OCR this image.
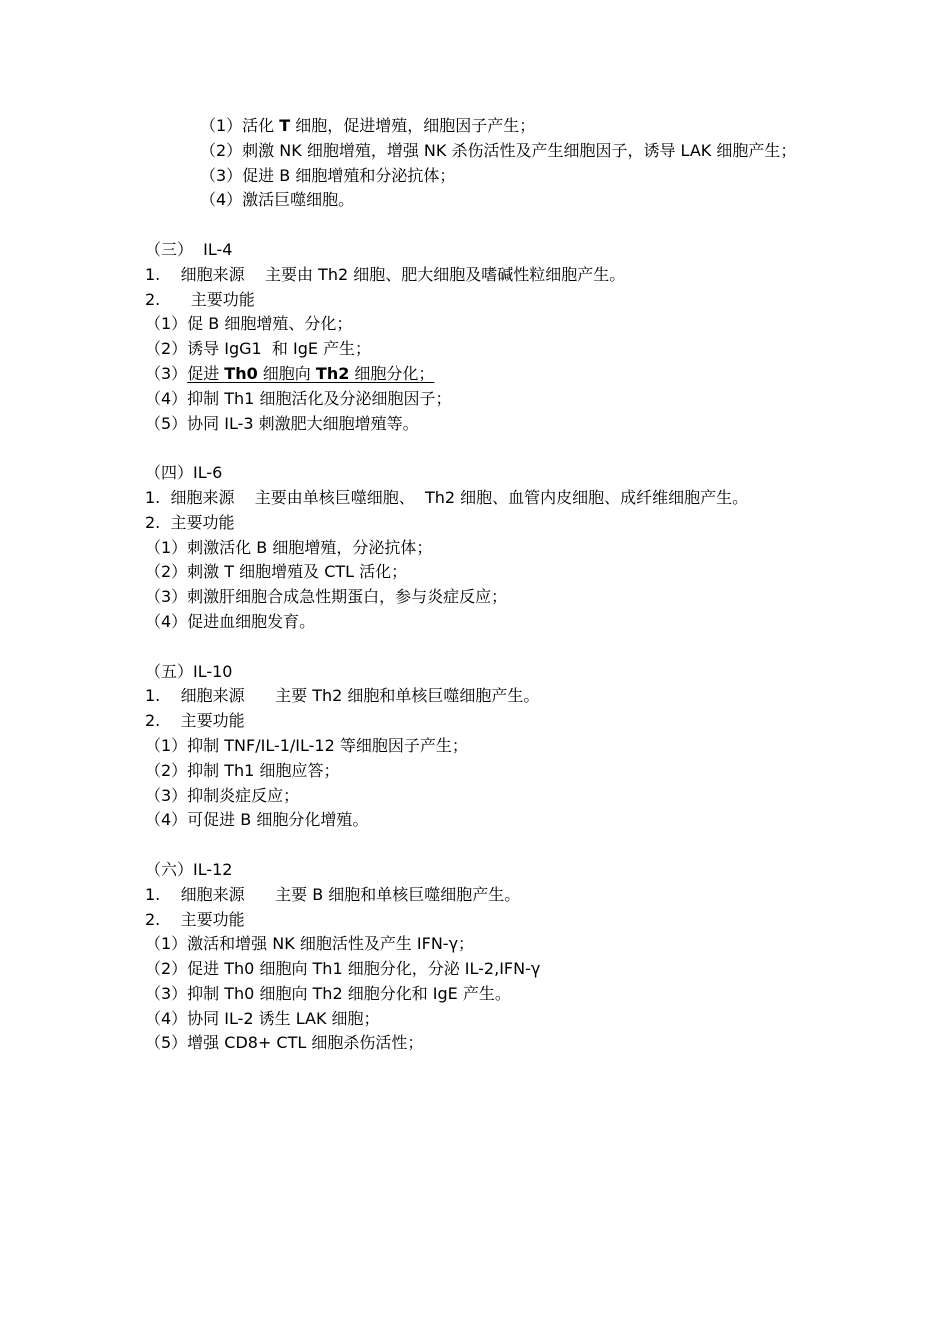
（1）活化 T 细胞，促进增殖，细胞因子产生；
（2）刺激 NK 细胞增殖，增强 NK 杀伤活性及产生细胞因子，诱导 LAK 细胞产生；
（3）促进 B 细胞增殖和分泌抗体；
（4）激活巨噬细胞。
（三）  IL-4
1.    细胞来源    主要由 Th2 细胞、肥大细胞及嗜碱性粒细胞产生。
2.      主要功能
（1）促 B 细胞增殖、分化；
（2）诱导 IgG1  和 IgE 产生；
（3）促进 Th0 细胞向 Th2 细胞分化；
（4）抑制 Th1 细胞活化及分泌细胞因子；
（5）协同 IL-3 刺激肥大细胞增殖等。
（四）IL-6
1.  细胞来源    主要由单核巨噬细胞、  Th2 细胞、血管内皮细胞、成纤维细胞产生。
2.  主要功能
（1）刺激活化 B 细胞增殖，分泌抗体；
（2）刺激 T 细胞增殖及 CTL 活化；
（3）刺激肝细胞合成急性期蛋白，参与炎症反应；
（4）促进血细胞发育。
（五）IL-10
1.    细胞来源      主要 Th2 细胞和单核巨噬细胞产生。
2.    主要功能
（1）抑制 TNF/IL-1/IL-12 等细胞因子产生；
（2）抑制 Th1 细胞应答；
（3）抑制炎症反应；
（4）可促进 B 细胞分化增殖。
（六）IL-12
1.    细胞来源      主要 B 细胞和单核巨噬细胞产生。
2.    主要功能
（1）激活和增强 NK 细胞活性及产生 IFN-γ；
（2）促进 Th0 细胞向 Th1 细胞分化，分泌 IL-2,IFN-γ
（3）抑制 Th0 细胞向 Th2 细胞分化和 IgE 产生。
（4）协同 IL-2 诱生 LAK 细胞；
（5）增强 CD8+ CTL 细胞杀伤活性；
